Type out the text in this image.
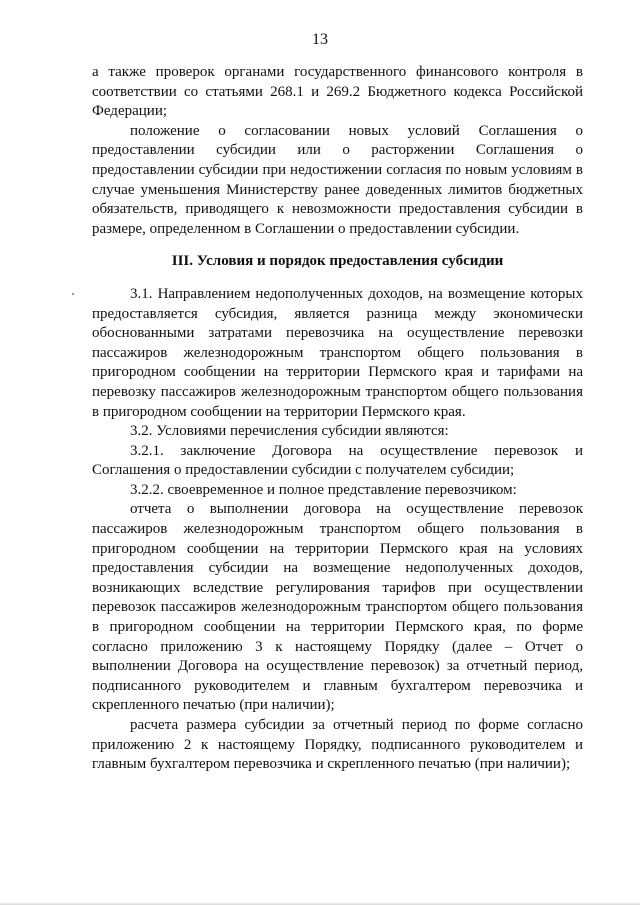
13

а также проверок органами государственного финансового контроля в соответствии со статьями 268.1 и 269.2 Бюджетного кодекса Российской Федерации;

положение о согласовании новых условий Соглашения о предоставлении субсидии или о расторжении Соглашения о предоставлении субсидии при недостижении согласия по новым условиям в случае уменьшения Министерству ранее доведенных лимитов бюджетных обязательств, приводящего к невозможности предоставления субсидии в размере, определенном в Соглашении о предоставлении субсидии.

III. Условия и порядок предоставления субсидии

3.1. Направлением недополученных доходов, на возмещение которых предоставляется субсидия, является разница между экономически обоснованными затратами перевозчика на осуществление перевозки пассажиров железнодорожным транспортом общего пользования в пригородном сообщении на территории Пермского края и тарифами на перевозку пассажиров железнодорожным транспортом общего пользования в пригородном сообщении на территории Пермского края.

3.2. Условиями перечисления субсидии являются:

3.2.1. заключение Договора на осуществление перевозок и Соглашения о предоставлении субсидии с получателем субсидии;

3.2.2. своевременное и полное представление перевозчиком:

отчета о выполнении договора на осуществление перевозок пассажиров железнодорожным транспортом общего пользования в пригородном сообщении на территории Пермского края на условиях предоставления субсидии на возмещение недополученных доходов, возникающих вследствие регулирования тарифов при осуществлении перевозок пассажиров железнодорожным транспортом общего пользования в пригородном сообщении на территории Пермского края, по форме согласно приложению 3 к настоящему Порядку (далее – Отчет о выполнении Договора на осуществление перевозок) за отчетный период, подписанного руководителем и главным бухгалтером перевозчика и скрепленного печатью (при наличии);

расчета размера субсидии за отчетный период по форме согласно приложению 2 к настоящему Порядку, подписанного руководителем и главным бухгалтером перевозчика и скрепленного печатью (при наличии);
